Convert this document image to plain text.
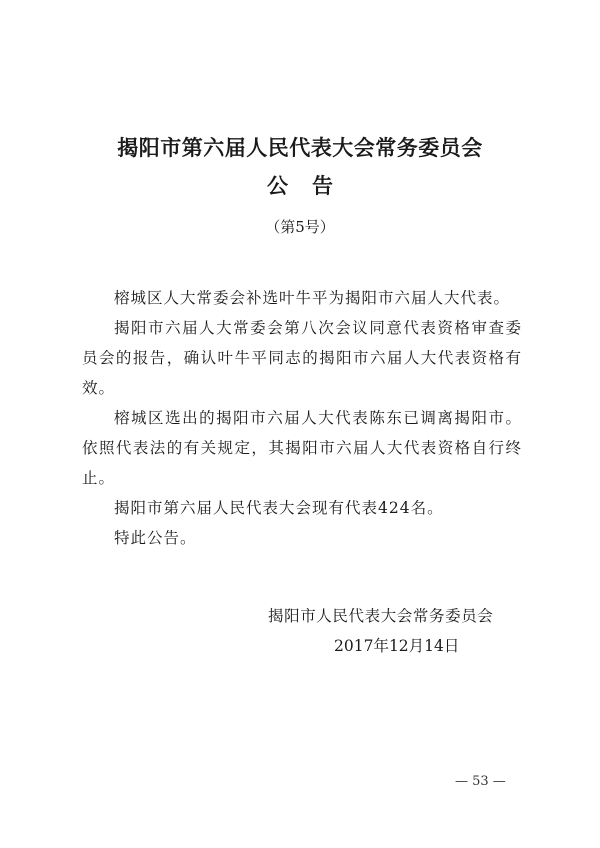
揭阳市第六届人民代表大会常务委员会
公告
（第5号）

榕城区人大常委会补选叶牛平为揭阳市六届人大代表。

揭阳市六届人大常委会第八次会议同意代表资格审查委员会的报告，确认叶牛平同志的揭阳市六届人大代表资格有效。

榕城区选出的揭阳市六届人大代表陈东已调离揭阳市。依照代表法的有关规定，其揭阳市六届人大代表资格自行终止。

揭阳市第六届人民代表大会现有代表424名。

特此公告。

揭阳市人民代表大会常务委员会
2017年12月14日
— 53 —
